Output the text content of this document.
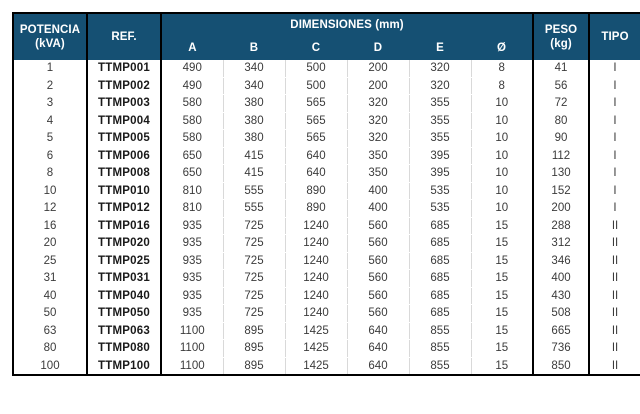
POTENCIA
(kVA)	REF.	DIMENSIONES (mm)						PESO
(kg)	TIPO
		A	B	C	D	E	Ø		
1	TTMP001	490	340	500	200	320	8	41	I
2	TTMP002	490	340	500	200	320	8	56	I
3	TTMP003	580	380	565	320	355	10	72	I
4	TTMP004	580	380	565	320	355	10	80	I
5	TTMP005	580	380	565	320	355	10	90	I
6	TTMP006	650	415	640	350	395	10	112	I
8	TTMP008	650	415	640	350	395	10	130	I
10	TTMP010	810	555	890	400	535	10	152	I
12	TTMP012	810	555	890	400	535	10	200	I
16	TTMP016	935	725	1240	560	685	15	288	II
20	TTMP020	935	725	1240	560	685	15	312	II
25	TTMP025	935	725	1240	560	685	15	346	II
31	TTMP031	935	725	1240	560	685	15	400	II
40	TTMP040	935	725	1240	560	685	15	430	II
50	TTMP050	935	725	1240	560	685	15	508	II
63	TTMP063	1100	895	1425	640	855	15	665	II
80	TTMP080	1100	895	1425	640	855	15	736	II
100	TTMP100	1100	895	1425	640	855	15	850	II
